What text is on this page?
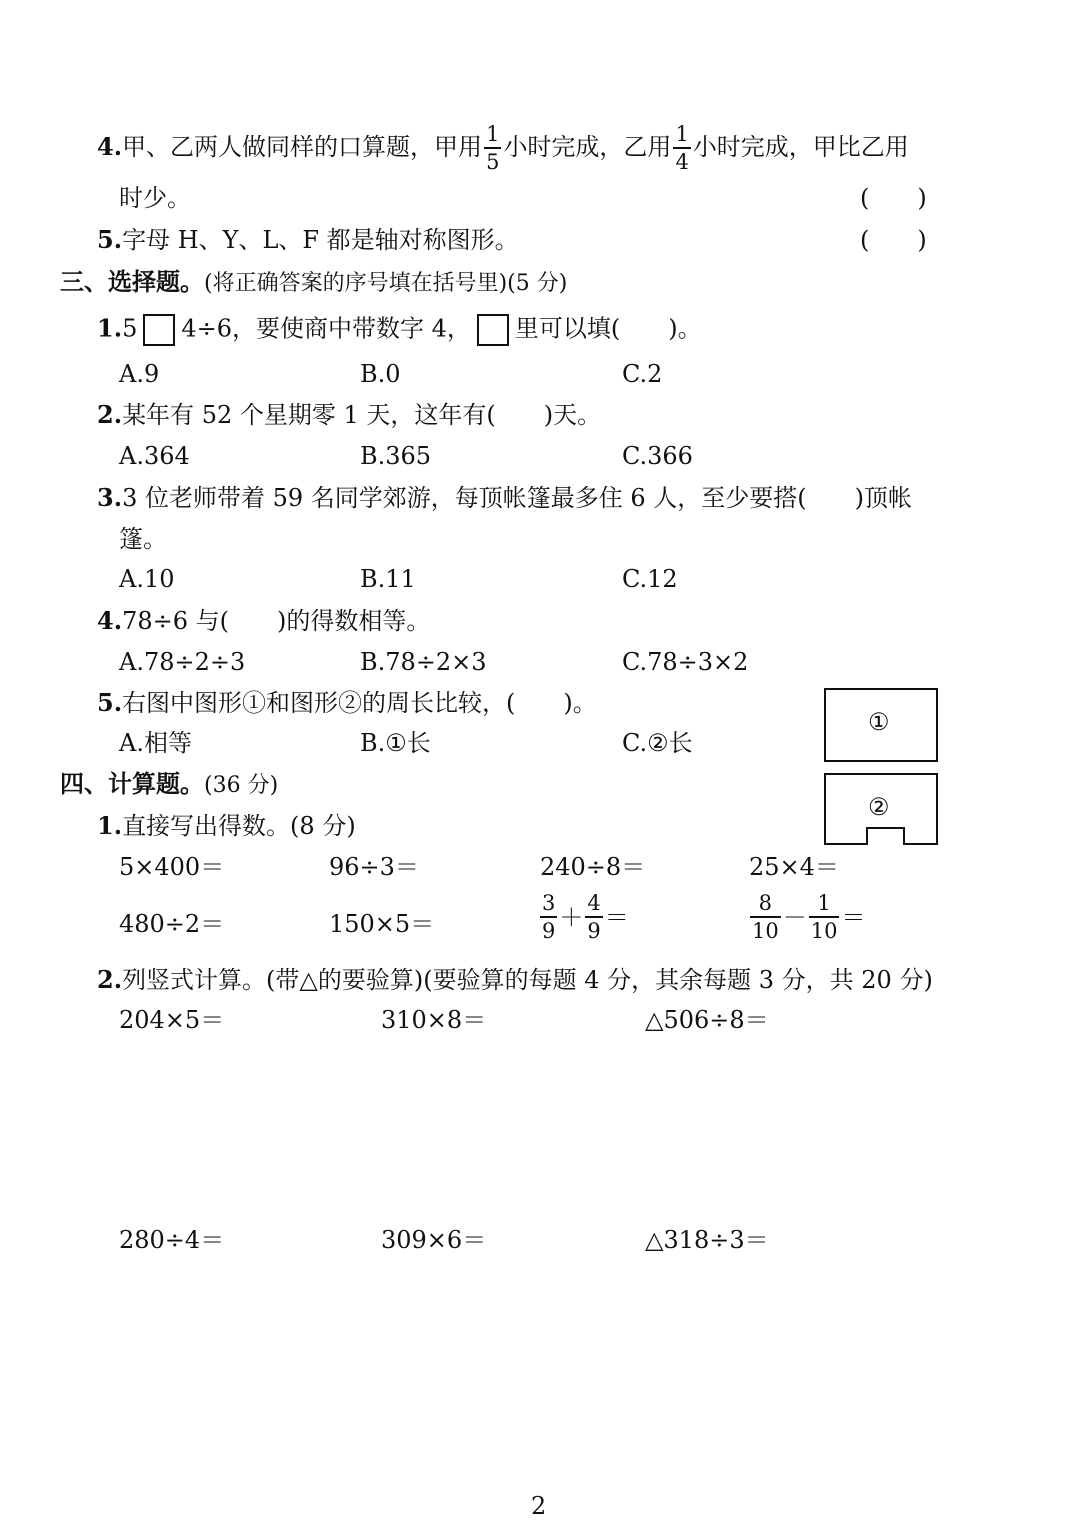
4.甲、乙两人做同样的口算题，甲用 $\frac{1}{5}$ 小时完成，乙用 $\frac{1}{4}$ 小时完成，甲比乙用
时少。	(　　)
5.字母 H、Y、L、F 都是轴对称图形。	(　　)
三、选择题。(将正确答案的序号填在括号里)(5 分)
1.5 4÷6，要使商中带数字 4， 里可以填(　　)。
A.9	B.0	C.2
2.某年有 52 个星期零 1 天，这年有(　　)天。
A.364	B.365	C.366
3.3 位老师带着 59 名同学郊游，每顶帐篷最多住 6 人，至少要搭(　　)顶帐
篷。
A.10	B.11	C.12
4.78÷6 与(　　)的得数相等。
A.78÷2÷3	B.78÷2×3	C.78÷3×2
5.右图中图形①和图形②的周长比较，(　　)。
A.相等	B.①长	C.②长
①
②
四、计算题。(36 分)
1.直接写出得数。(8 分)
5×400＝	96÷3＝	240÷8＝	25×4＝
480÷2＝	150×5＝	$\frac{3}{9} + \frac{4}{9}$ ＝	$\frac{8}{10} - \frac{1}{10}$ ＝
2.列竖式计算。(带△的要验算)(要验算的每题 4 分，其余每题 3 分，共 20 分)
204×5＝	310×8＝	△506÷8＝
280÷4＝	309×6＝	△318÷3＝
2
